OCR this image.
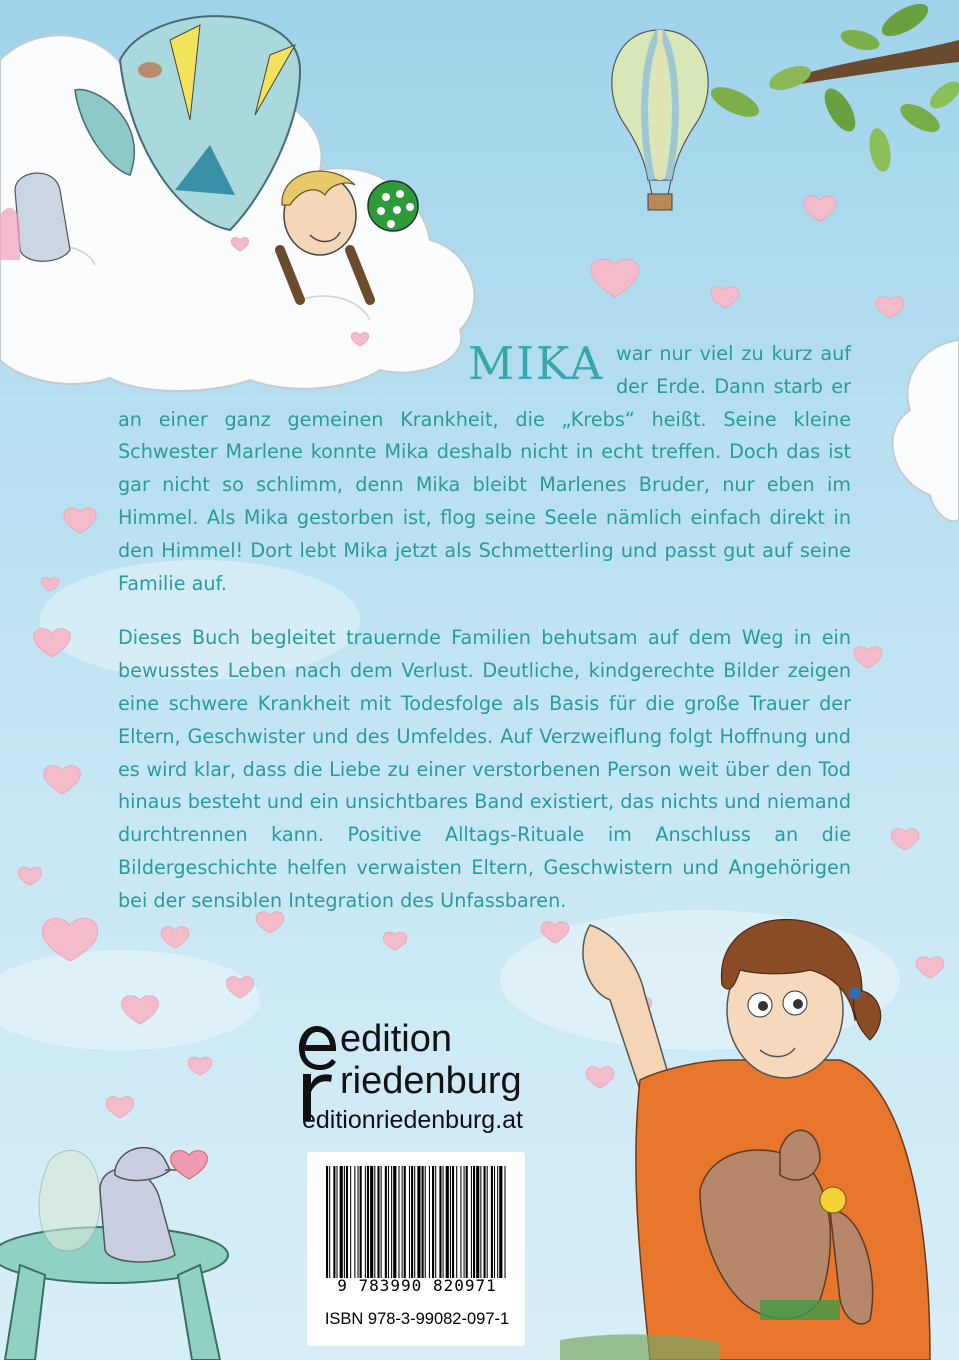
MIKA war nur viel zu kurz auf der Erde. Dann starb er an einer ganz gemeinen Krankheit, die „Krebs“ heißt. Seine kleine Schwester Marlene konnte Mika deshalb nicht in echt treffen. Doch das ist gar nicht so schlimm, denn Mika bleibt Marlenes Bruder, nur eben im Himmel. Als Mika gestorben ist, flog seine Seele nämlich einfach direkt in den Himmel! Dort lebt Mika jetzt als Schmetterling und passt gut auf seine Familie auf.

Dieses Buch begleitet trauernde Familien behutsam auf dem Weg in ein bewusstes Leben nach dem Verlust. Deutliche, kindgerechte Bilder zeigen eine schwere Krankheit mit Todesfolge als Basis für die große Trauer der Eltern, Geschwister und des Umfeldes. Auf Verzweiflung folgt Hoffnung und es wird klar, dass die Liebe zu einer verstorbenen Person weit über den Tod hinaus besteht und ein unsichtbares Band existiert, das nichts und niemand durchtrennen kann. Positive Alltags-Rituale im Anschluss an die Bildergeschichte helfen verwaisten Eltern, Geschwistern und Angehörigen bei der sensiblen Integration des Unfassbaren.

edition
riedenburg
editionriedenburg.at
9 783990 820971
ISBN 978-3-99082-097-1
